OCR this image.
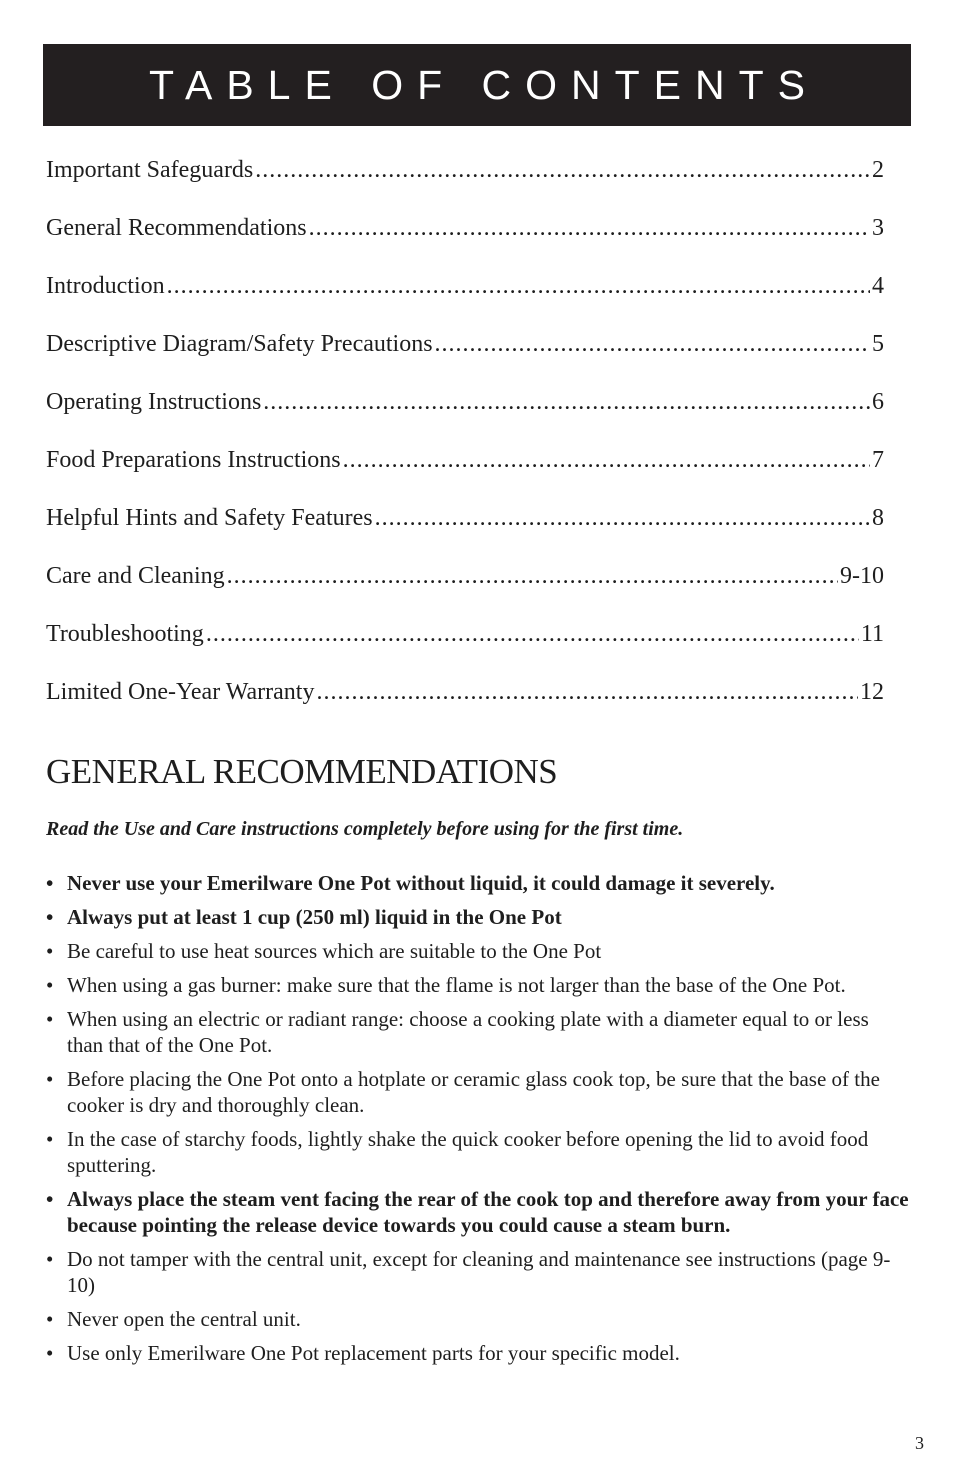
TABLE OF CONTENTS
Important Safeguards .....	2
General Recommendations .....	3
Introduction .....	4
Descriptive Diagram/Safety Precautions .....	5
Operating Instructions .....	6
Food Preparations Instructions .....	7
Helpful Hints and Safety Features .....	8
Care and Cleaning .....	9-10
Troubleshooting .....	11
Limited One-Year Warranty .....	12
GENERAL RECOMMENDATIONS

Read the Use and Care instructions completely before using for the first time.

• Never use your Emerilware One Pot without liquid, it could damage it severely.
• Always put at least 1 cup (250 ml) liquid in the One Pot
• Be careful to use heat sources which are suitable to the One Pot
• When using a gas burner: make sure that the flame is not larger than the base of the One Pot.
• When using an electric or radiant range: choose a cooking plate with a diameter equal to or less than that of the One Pot.
• Before placing the One Pot onto a hotplate or ceramic glass cook top, be sure that the base of the cooker is dry and thoroughly clean.
• In the case of starchy foods, lightly shake the quick cooker before opening the lid to avoid food sputtering.
• Always place the steam vent facing the rear of the cook top and therefore away from your face because pointing the release device towards you could cause a steam burn.
• Do not tamper with the central unit, except for cleaning and maintenance see instructions (page 9-10)
• Never open the central unit.
• Use only Emerilware One Pot replacement parts for your specific model.
3
